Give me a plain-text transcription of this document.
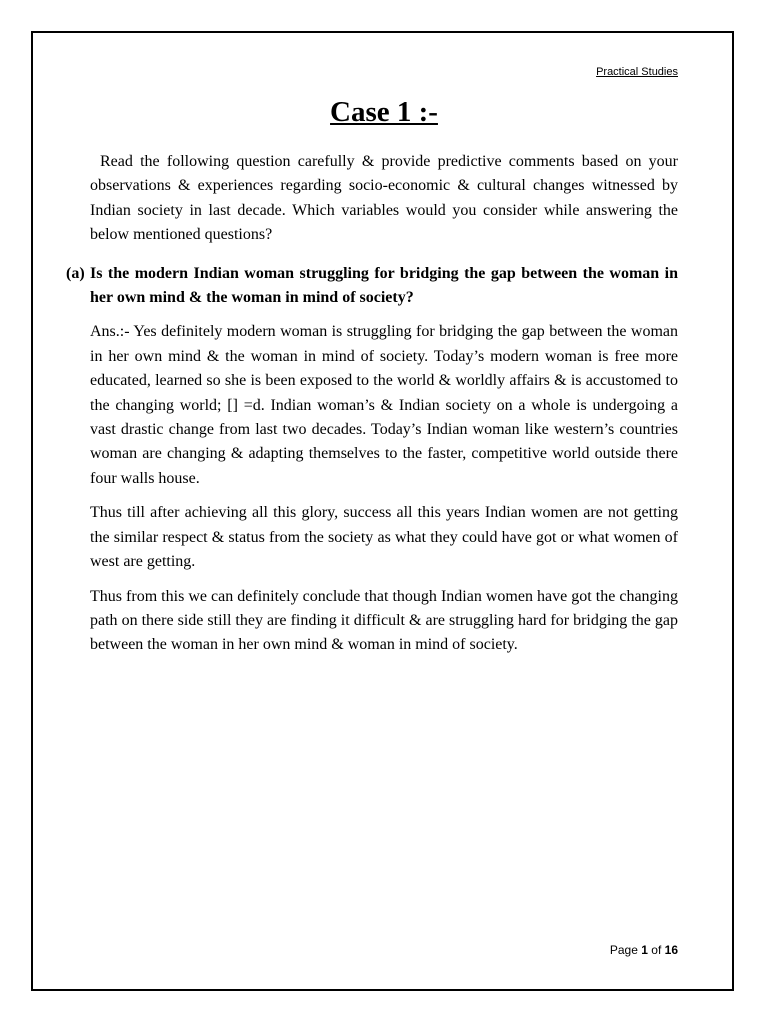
Practical Studies
Case 1 :-

Read the following question carefully & provide predictive comments based on your observations & experiences regarding socio-economic & cultural changes witnessed by Indian society in last decade. Which variables would you consider while answering the below mentioned questions?

(a) Is the modern Indian woman struggling for bridging the gap between the woman in her own mind & the woman in mind of society?

Ans.:- Yes definitely modern woman is struggling for bridging the gap between the woman in her own mind & the woman in mind of society. Today’s modern woman is free more educated, learned so she is been exposed to the world & worldly affairs & is accustomed to the changing world; [] =d. Indian woman’s & Indian society on a whole is undergoing a vast drastic change from last two decades. Today’s Indian woman like western’s countries woman are changing & adapting themselves to the faster, competitive world outside there four walls house.

Thus till after achieving all this glory, success all this years Indian women are not getting the similar respect & status from the society as what they could have got or what women of west are getting.

Thus from this we can definitely conclude that though Indian women have got the changing path on there side still they are finding it difficult & are struggling hard for bridging the gap between the woman in her own mind & woman in mind of society.

Page 1 of 16
